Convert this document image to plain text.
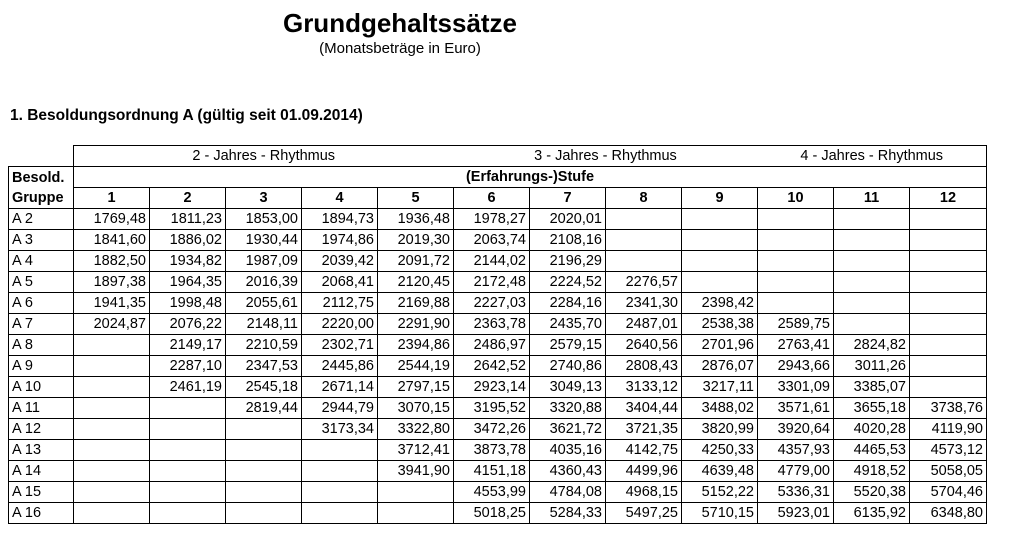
Grundgehaltssätze
(Monatsbeträge in Euro)
1. Besoldungsordnung A (gültig seit 01.09.2014)
	2 - Jahres - Rhythmus					3 - Jahres - Rhythmus				4 - Jahres - Rhythmus		

Besold.
Gruppe	(Erfahrungs-)Stufe											
	1	2	3	4	5	6	7	8	9	10	11	12
A 2	1769,48	1811,23	1853,00	1894,73	1936,48	1978,27	2020,01					
A 3	1841,60	1886,02	1930,44	1974,86	2019,30	2063,74	2108,16					
A 4	1882,50	1934,82	1987,09	2039,42	2091,72	2144,02	2196,29					
A 5	1897,38	1964,35	2016,39	2068,41	2120,45	2172,48	2224,52	2276,57				
A 6	1941,35	1998,48	2055,61	2112,75	2169,88	2227,03	2284,16	2341,30	2398,42			
A 7	2024,87	2076,22	2148,11	2220,00	2291,90	2363,78	2435,70	2487,01	2538,38	2589,75		
A 8		2149,17	2210,59	2302,71	2394,86	2486,97	2579,15	2640,56	2701,96	2763,41	2824,82	
A 9		2287,10	2347,53	2445,86	2544,19	2642,52	2740,86	2808,43	2876,07	2943,66	3011,26	
A 10		2461,19	2545,18	2671,14	2797,15	2923,14	3049,13	3133,12	3217,11	3301,09	3385,07	
A 11			2819,44	2944,79	3070,15	3195,52	3320,88	3404,44	3488,02	3571,61	3655,18	3738,76
A 12				3173,34	3322,80	3472,26	3621,72	3721,35	3820,99	3920,64	4020,28	4119,90
A 13					3712,41	3873,78	4035,16	4142,75	4250,33	4357,93	4465,53	4573,12
A 14					3941,90	4151,18	4360,43	4499,96	4639,48	4779,00	4918,52	5058,05
A 15						4553,99	4784,08	4968,15	5152,22	5336,31	5520,38	5704,46
A 16						5018,25	5284,33	5497,25	5710,15	5923,01	6135,92	6348,80
